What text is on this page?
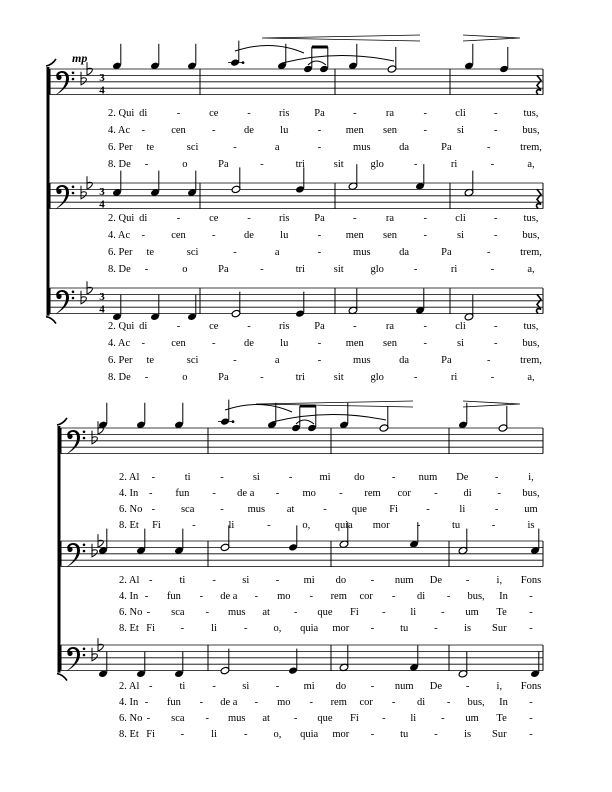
mp
3
4
2. Qui di	-	ce	-	ris Pa	-	ra	-	cli	- tus,
4. Ac - cen -	de lu	- men sen	-	si	- bus,
6. Per te	sci	-	a	-	mus	da	Pa	-	trem,
8. De -	o	Pa	-	tri	sit	glo	-	ri	-	a,
3
4
2. Qui di	-	ce	-	ris Pa	-	ra	-	cli	- tus,
4. Ac - cen -	de lu	- men sen	-	si	- bus,
6. Per te	sci	-	a	-	mus	da	Pa	-	trem,
8. De -	o	Pa	-	tri	sit	glo	-	ri	-	a,
3
4
2. Qui di	-	ce	-	ris Pa	-	ra	-	cli	- tus,
4. Ac - cen -	de lu	- men sen	-	si	- bus,
6. Per te	sci	-	a	-	mus	da	Pa	-	trem,
8. De -	o	Pa	-	tri	sit	glo	-	ri	-	a,
2. Al -	ti	-	si	-	mi do	- num De	-	i,
4. In - fun - de a - mo - rem cor - di - bus,
6. No - sca - mus at	- que Fi	-	li	- um
8. Et Fi	-	li	-	o, quia mor	-	tu	-	is
2. Al -	ti	-	si	- mi do - num De -	i, Fons
4. In - fun - de a - mo - rem cor - di - bus, In -
6. No - sca - mus at - que Fi - li - um Te -
8. Et Fi -	li	- o, quia mor - tu -	is Sur -
2. Al -	ti	-	si	- mi do - num De -	i, Fons
4. In - fun - de a - mo - rem cor - di - bus, In -
6. No - sca - mus at - que Fi - li - um Te -
8. Et Fi -	li	- o, quia mor - tu -	is Sur -
